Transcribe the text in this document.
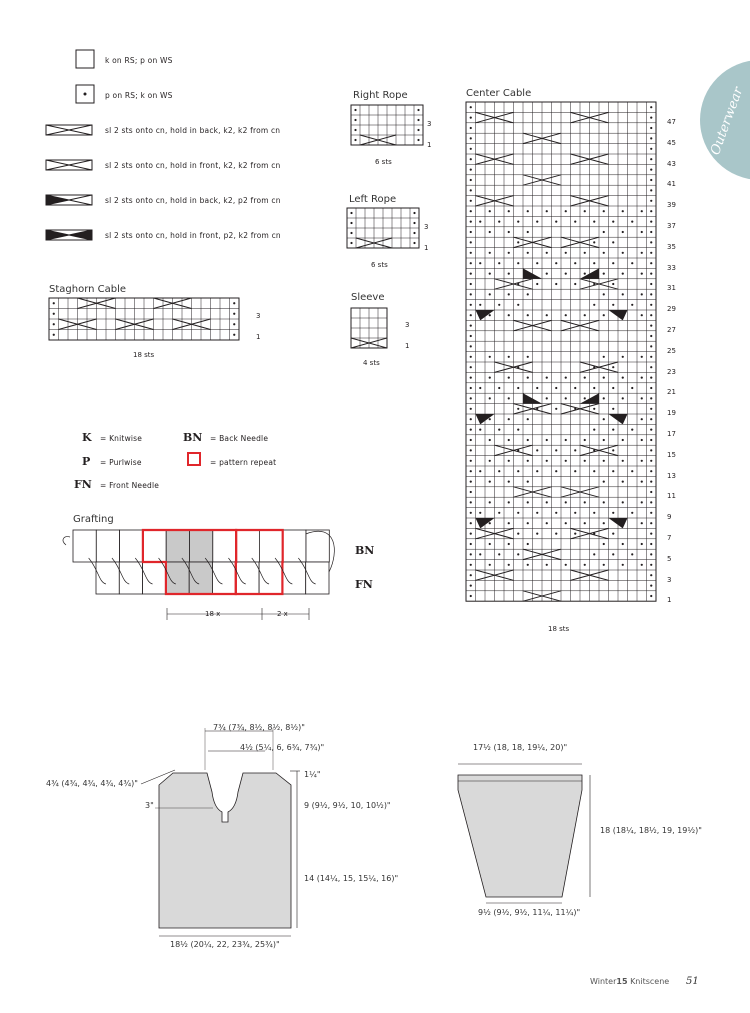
Outerwear
k on RS; p on WS
p on RS; k on WS
sl 2 sts onto cn, hold in back, k2, k2 from cn
sl 2 sts onto cn, hold in front, k2, k2 from cn
sl 2 sts onto cn, hold in back, k2, p2 from cn
sl 2 sts onto cn, hold in front, p2, k2 from cn
Staghorn Cable
Right Rope
Left Rope
Sleeve
Center Cable
3
1
18 sts
3
1
6 sts
3
1
6 sts
3
1
4 sts
47
45
43
41
39
37
35
33
31
29
27
25
23
21
19
17
15
13
11
9
7
5
3
1
18 sts
K = Knitwise
P = Purlwise
FN = Front Needle
BN = Back Needle
= pattern repeat
Grafting
BN
FN
18 x	2 x
7¾ (7¾, 8½, 8½, 8½)"
4½ (5¼, 6, 6¾, 7¾)"
4¾ (4¾, 4¾, 4¾, 4¾)"
3"
1¼"
9 (9½, 9½, 10, 10½)"
14 (14¼, 15, 15¼, 16)"
18½ (20¼, 22, 23¾, 25¾)"
17½ (18, 18, 19¼, 20)"
18 (18¼, 18½, 19, 19½)"
9½ (9½, 9½, 11¼, 11¼)"
Winter15 Knitscene 51
